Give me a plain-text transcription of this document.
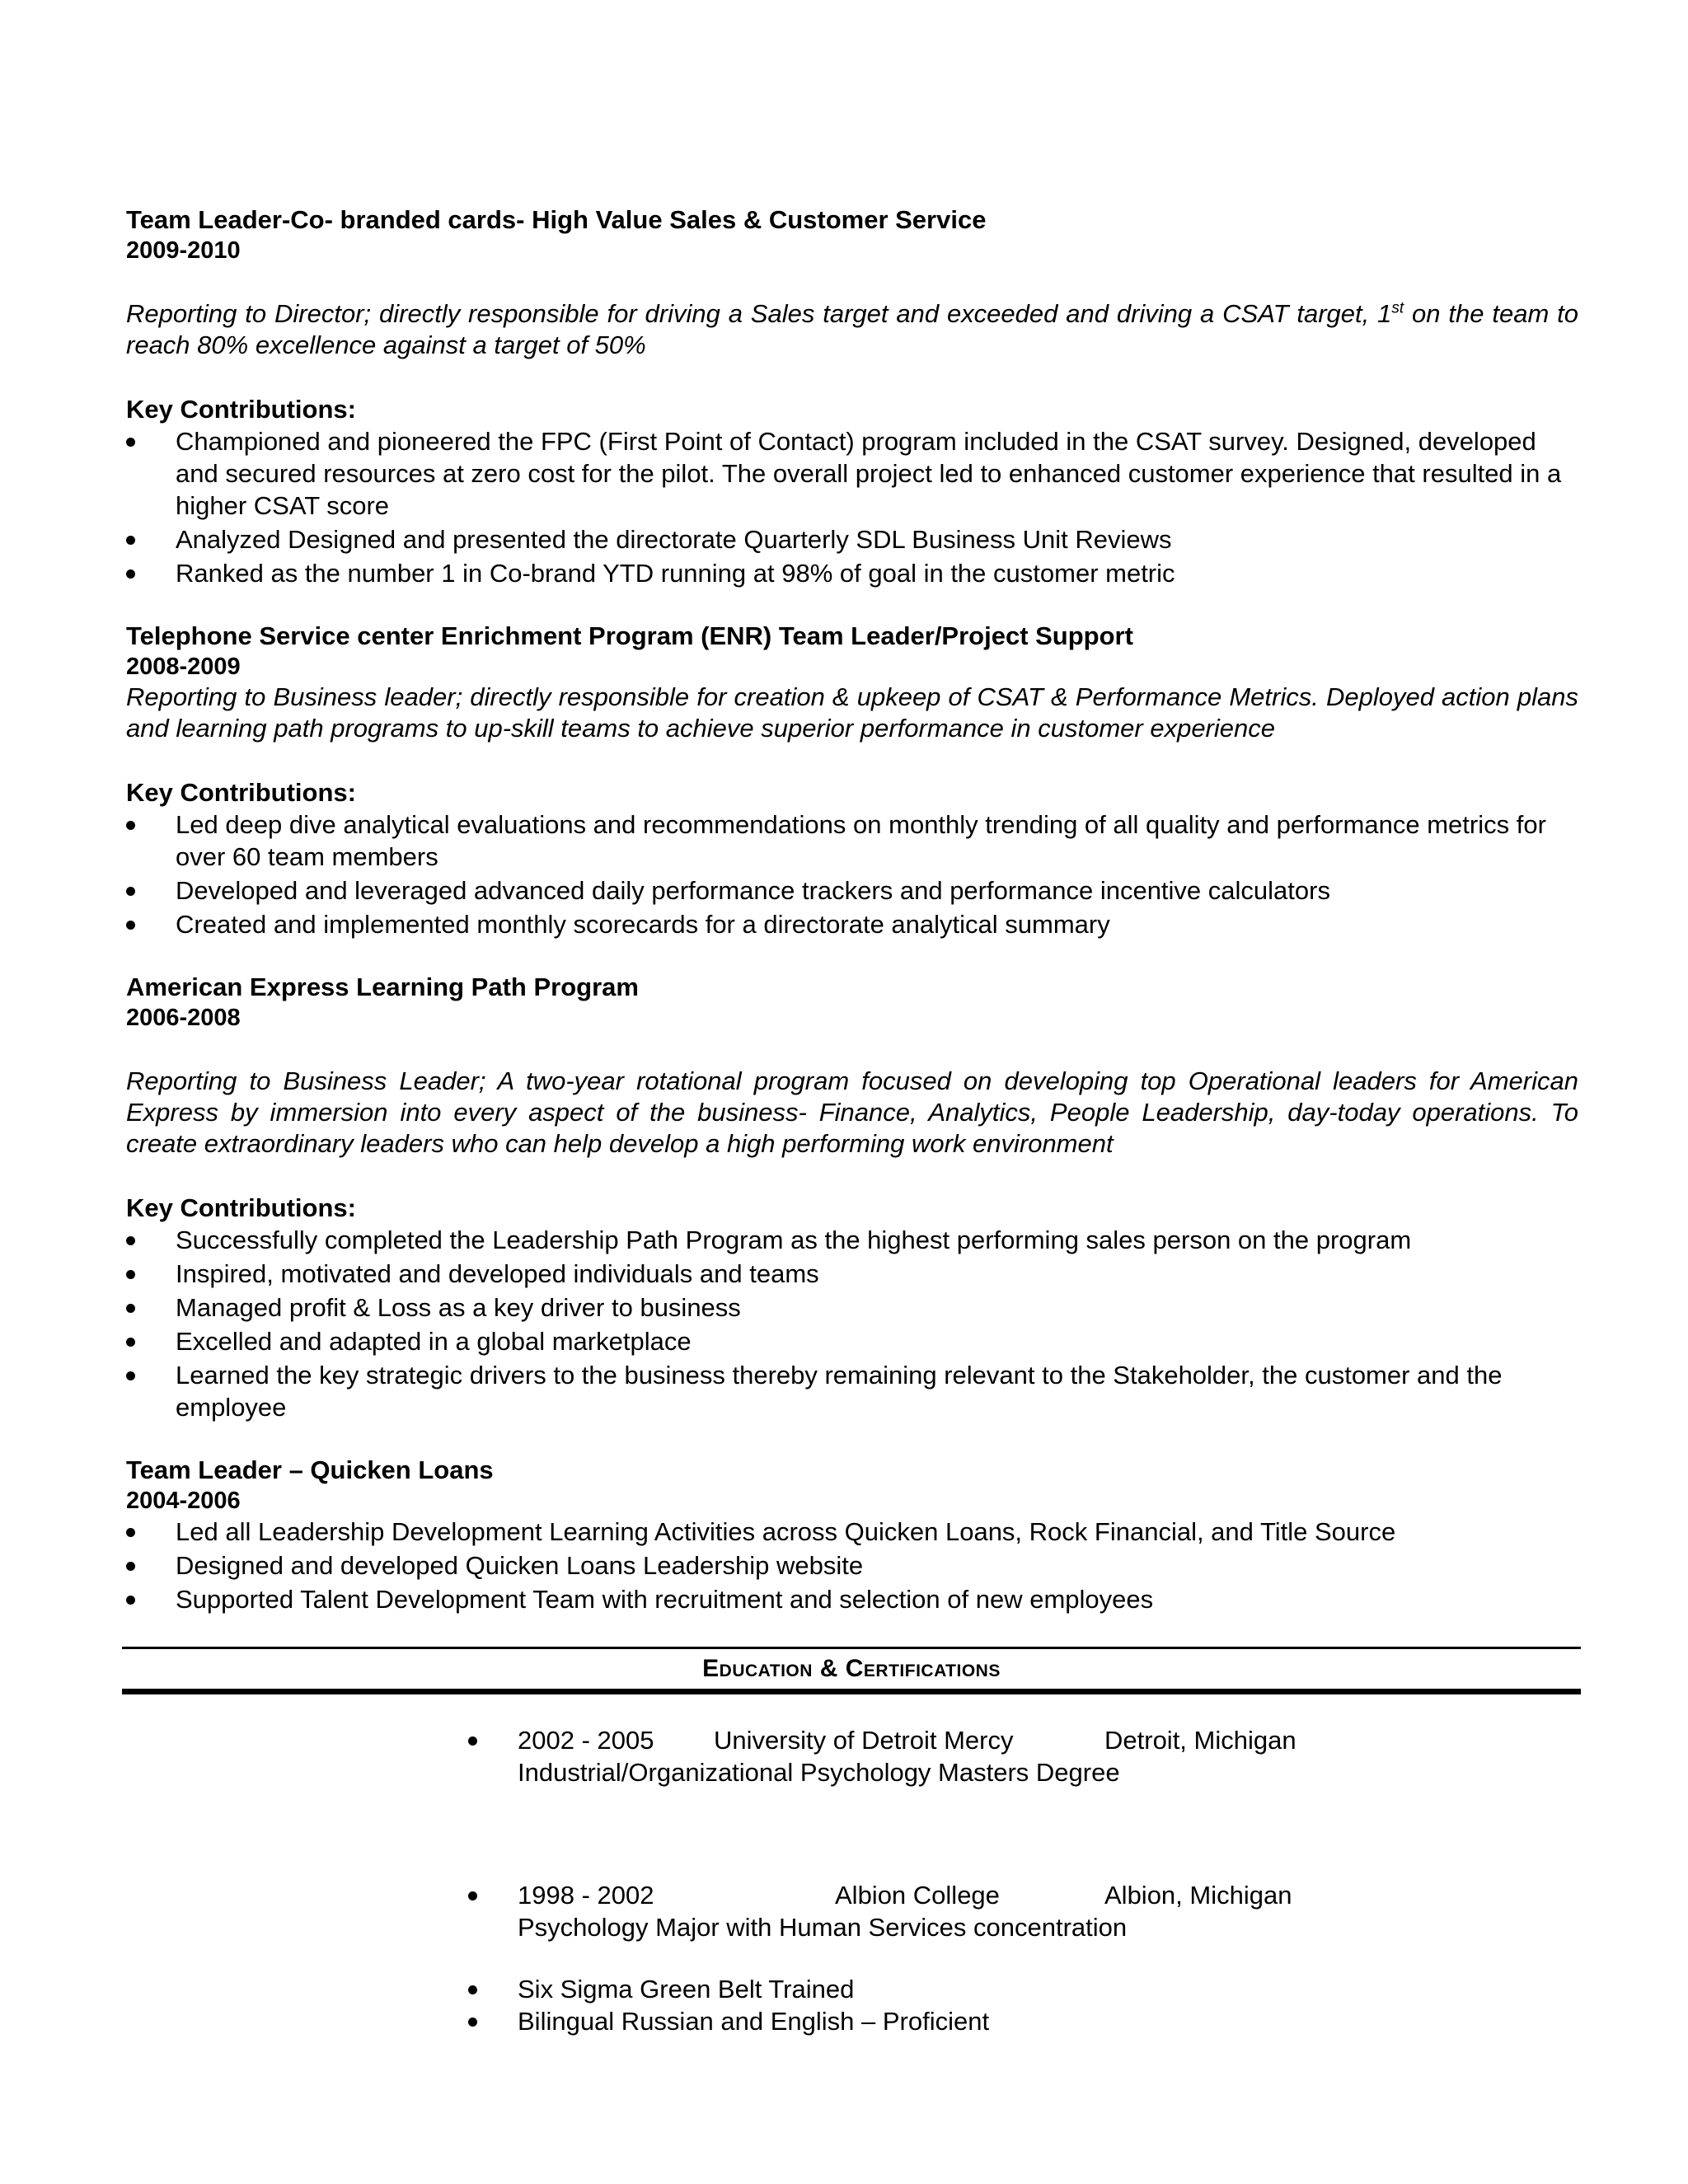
Team Leader-Co- branded cards- High Value Sales & Customer Service
2009-2010
Reporting to Director; directly responsible for driving a Sales target and exceeded and driving a CSAT target, 1st on the team to reach 80% excellence against a target of 50%
Key Contributions:
Championed and pioneered the FPC (First Point of Contact) program included in the CSAT survey. Designed, developed and secured resources at zero cost for the pilot. The overall project led to enhanced customer experience that resulted in a higher CSAT score
Analyzed Designed and presented the directorate Quarterly SDL Business Unit Reviews
Ranked as the number 1 in Co-brand YTD running at 98% of goal in the customer metric
Telephone Service center Enrichment Program (ENR) Team Leader/Project Support
2008-2009
Reporting to Business leader; directly responsible for creation & upkeep of CSAT & Performance Metrics. Deployed action plans and learning path programs to up-skill teams to achieve superior performance in customer experience
Key Contributions:
Led deep dive analytical evaluations and recommendations on monthly trending of all quality and performance metrics for over 60 team members
Developed and leveraged advanced daily performance trackers and performance incentive calculators
Created and implemented monthly scorecards for a directorate analytical summary
American Express Learning Path Program
2006-2008
Reporting to Business Leader; A two-year rotational program focused on developing top Operational leaders for American Express by immersion into every aspect of the business- Finance, Analytics, People Leadership, day-today operations. To create extraordinary leaders who can help develop a high performing work environment
Key Contributions:
Successfully completed the Leadership Path Program as the highest performing sales person on the program
Inspired, motivated and developed individuals and teams
Managed profit & Loss as a key driver to business
Excelled and adapted in a global marketplace
Learned the key strategic drivers to the business thereby remaining relevant to the Stakeholder, the customer and the employee
Team Leader – Quicken Loans
2004-2006
Led all Leadership Development Learning Activities across Quicken Loans, Rock Financial, and Title Source
Designed and developed Quicken Loans Leadership website
Supported Talent Development Team with recruitment and selection of new employees
Education & Certifications
2002 - 2005 University of Detroit Mercy	Detroit, Michigan
Industrial/Organizational Psychology Masters Degree
1998 - 2002	Albion College	Albion, Michigan
Psychology Major with Human Services concentration
Six Sigma Green Belt Trained
Bilingual Russian and English – Proficient
